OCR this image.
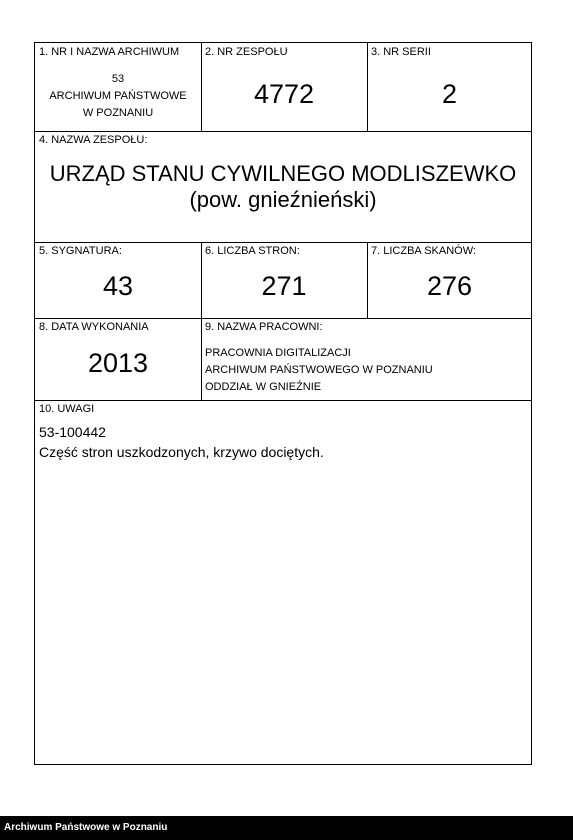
1. NR I NAZWA ARCHIWUM
53
ARCHIWUM PAŃSTWOWE
W POZNANIU
2. NR ZESPOŁU
4772
3. NR SERII
2
4. NAZWA ZESPOŁU:
URZĄD STANU CYWILNEGO MODLISZEWKO
(pow. gnieźnieński)
5. SYGNATURA:
43
6. LICZBA STRON:
271
7. LICZBA SKANÓW:
276
8. DATA WYKONANIA
2013
9. NAZWA PRACOWNI:
PRACOWNIA DIGITALIZACJI
ARCHIWUM PAŃSTWOWEGO W POZNANIU
ODDZIAŁ W GNIEŹNIE
10. UWAGI
53-100442
Część stron uszkodzonych, krzywo dociętych.
Archiwum Państwowe w Poznaniu
